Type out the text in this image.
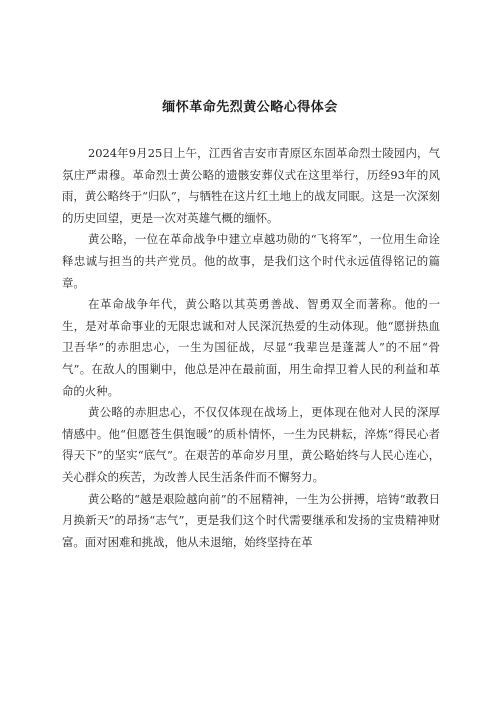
缅怀革命先烈黄公略心得体会

2024年9月25日上午，江西省吉安市青原区东固革命烈士陵园内，气氛庄严肃穆。革命烈士黄公略的遗骸安葬仪式在这里举行，历经93年的风雨，黄公略终于“归队”，与牺牲在这片红土地上的战友同眠。这是一次深刻的历史回望，更是一次对英雄气概的缅怀。

黄公略，一位在革命战争中建立卓越功勋的“飞将军”，一位用生命诠释忠诚与担当的共产党员。他的故事，是我们这个时代永远值得铭记的篇章。

在革命战争年代，黄公略以其英勇善战、智勇双全而著称。他的一生，是对革命事业的无限忠诚和对人民深沉热爱的生动体现。他“愿拼热血卫吾华”的赤胆忠心，一生为国征战，尽显“我辈岂是蓬蒿人”的不屈“骨气”。在敌人的围剿中，他总是冲在最前面，用生命捍卫着人民的利益和革命的火种。

黄公略的赤胆忠心，不仅仅体现在战场上，更体现在他对人民的深厚情感中。他“但愿苍生俱饱暖”的质朴情怀，一生为民耕耘，淬炼“得民心者得天下”的坚实“底气”。在艰苦的革命岁月里，黄公略始终与人民心连心，关心群众的疾苦，为改善人民生活条件而不懈努力。

黄公略的“越是艰险越向前”的不屈精神，一生为公拼搏，培铸“敢教日月换新天”的昂扬“志气”，更是我们这个时代需要继承和发扬的宝贵精神财富。面对困难和挑战，他从未退缩，始终坚持在革
